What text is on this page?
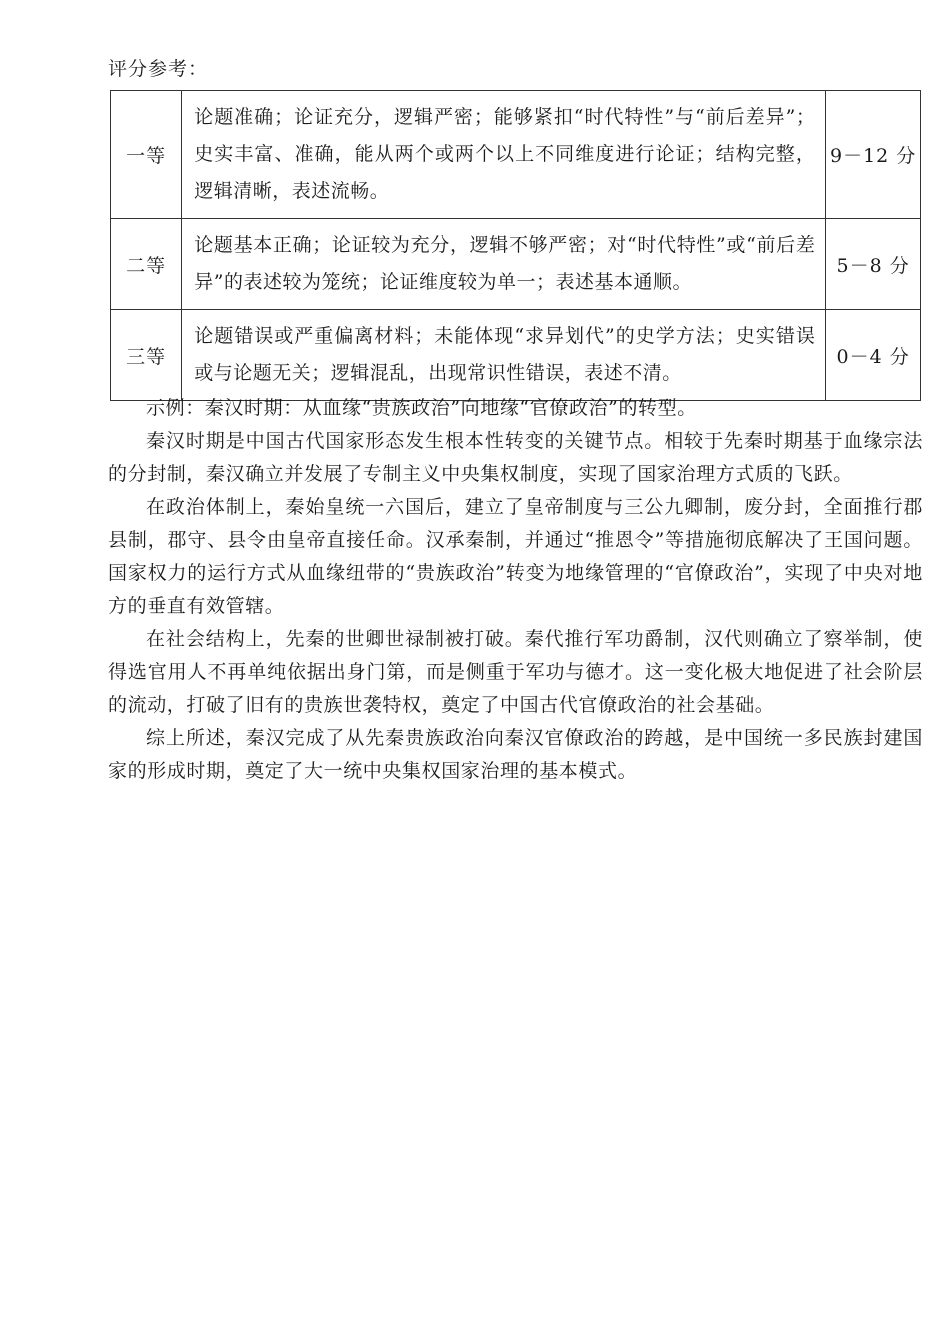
评分参考：
一等	论题准确；论证充分，逻辑严密；能够紧扣“时代特性”与“前后差异”；史实丰富、准确，能从两个或两个以上不同维度进行论证；结构完整，逻辑清晰，表述流畅。	9－12 分
二等	论题基本正确；论证较为充分，逻辑不够严密；对“时代特性”或“前后差异”的表述较为笼统；论证维度较为单一；表述基本通顺。	5－8 分
三等	论题错误或严重偏离材料；未能体现“求异划代”的史学方法；史实错误或与论题无关；逻辑混乱，出现常识性错误，表述不清。	0－4 分

示例：秦汉时期：从血缘“贵族政治”向地缘“官僚政治”的转型。

秦汉时期是中国古代国家形态发生根本性转变的关键节点。相较于先秦时期基于血缘宗法的分封制，秦汉确立并发展了专制主义中央集权制度，实现了国家治理方式质的飞跃。

在政治体制上，秦始皇统一六国后，建立了皇帝制度与三公九卿制，废分封，全面推行郡县制，郡守、县令由皇帝直接任命。汉承秦制，并通过“推恩令”等措施彻底解决了王国问题。国家权力的运行方式从血缘纽带的“贵族政治”转变为地缘管理的“官僚政治”，实现了中央对地方的垂直有效管辖。

在社会结构上，先秦的世卿世禄制被打破。秦代推行军功爵制，汉代则确立了察举制，使得选官用人不再单纯依据出身门第，而是侧重于军功与德才。这一变化极大地促进了社会阶层的流动，打破了旧有的贵族世袭特权，奠定了中国古代官僚政治的社会基础。

综上所述，秦汉完成了从先秦贵族政治向秦汉官僚政治的跨越，是中国统一多民族封建国家的形成时期，奠定了大一统中央集权国家治理的基本模式。
